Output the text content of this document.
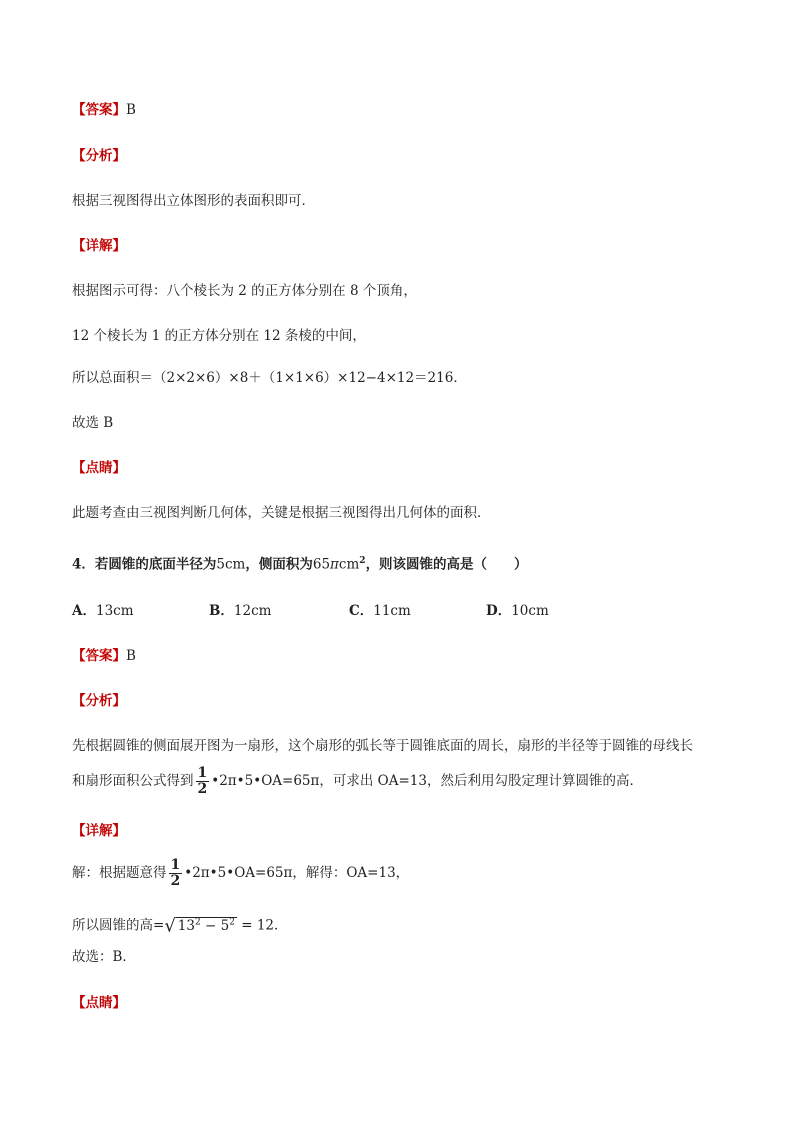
【答案】B
【分析】
根据三视图得出立体图形的表面积即可．
【详解】
根据图示可得：八个棱长为 2 的正方体分别在 8 个顶角，
12 个棱长为 1 的正方体分别在 12 条棱的中间，
所以总面积＝（2×2×6）×8＋（1×1×6）×12−4×12＝216．
故选 B
【点睛】
此题考查由三视图判断几何体，关键是根据三视图得出几何体的面积．
4．若圆锥的底面半径为5cm，侧面积为65πcm$^2$，则该圆锥的高是（　　）
A．13cm	B．12cm	C．11cm	D．10cm
【答案】B
【分析】
先根据圆锥的侧面展开图为一扇形，这个扇形的弧长等于圆锥底面的周长，扇形的半径等于圆锥的母线长
和扇形面积公式得到 $\frac{1}{2}$ •2π•5•OA=65π，可求出 OA=13，然后利用勾股定理计算圆锥的高．
【详解】
解：根据题意得 $\frac{1}{2}$ •2π•5•OA=65π，解得：OA=13，
所以圆锥的高=√ $13^2 - 5^2 = 12$．
故选：B．
【点睛】
